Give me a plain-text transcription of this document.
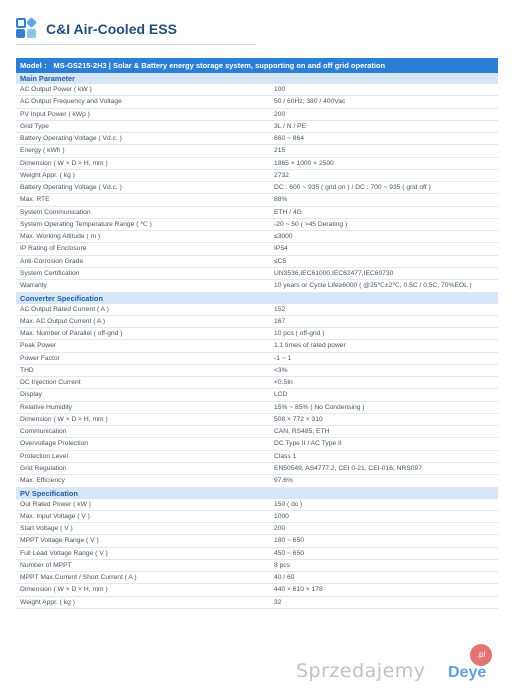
C&I Air-Cooled ESS
Model ： MS-GS215-2H3 | Solar & Battery energy storage system, supporting on and off grid operation
Main Parameter
AC Output Power ( kW )	100
AC Output Frequency and Voltage	50 / 60Hz; 380 / 400Vac
PV Input Power ( kWp )	200
Grid Type	3L / N / PE
Battery Operating Voltage ( Vd.c. )	660 ~ 864
Energy ( kWh )	215
Dimension ( W × D × H, mm )	1865 × 1000 × 2500
Weight Appr. ( kg )	2732
Battery Operating Voltage ( Vd.c. )	DC : 600 ~ 935 ( grid on ) / DC : 700 ~ 935 ( grid off )
Max. RTE	88%
System Communication	ETH / 4G
System Operating Temperature Range ( ℃ )	-20 ~ 50 ( >45 Derating )
Max. Working Altitude ( m )	≤3000
IP Rating of Enclosure	IP54
Anti-Corrosion Grade	≤C5
System Certification	UN3536,IEC61000,IEC62477,IEC60730
Warranty	10 years or Cycle Life≥6000 ( @25℃±2℃, 0.5C / 0.5C, 70%EOL )
Converter Specification
AC Output Rated Current ( A )	152
Max. AC Output Current ( A )	167
Max. Number of Parallel ( off-grid )	10 pcs ( off-grid )
Peak Power	1.1 times of rated power
Power Factor	-1 ~ 1
THD	<3%
DC Injection Current	<0.5In
Display	LCD
Relative Humidity	15% ~ 85% ( No Condensing )
Dimension ( W × D × H, mm )	508 × 772 × 310
Communication	CAN, RS485, ETH
Overvoltage Protection	DC Type II / AC Type II
Protection Level	Class 1
Grid Regulation	EN50549, AS4777.2, CEI 0-21, CEI-016, NRS097
Max. Efficiency	97.6%
PV Specification
Out Rated Power ( kW )	150 ( dc )
Max. Input Voltage ( V )	1000
Start Voltage ( V )	200
MPPT Voltage Range ( V )	180 ~ 650
Full Lead Voltage Range ( V )	450 ~ 650
Number of MPPT	8 pcs
MPPT Max.Current / Short Current ( A )	40 / 60
Dimension ( W × D × H, mm )	440 × 610 × 178
Weight Appr. ( kg )	32
Sprzedajemy
.pl
Deye
